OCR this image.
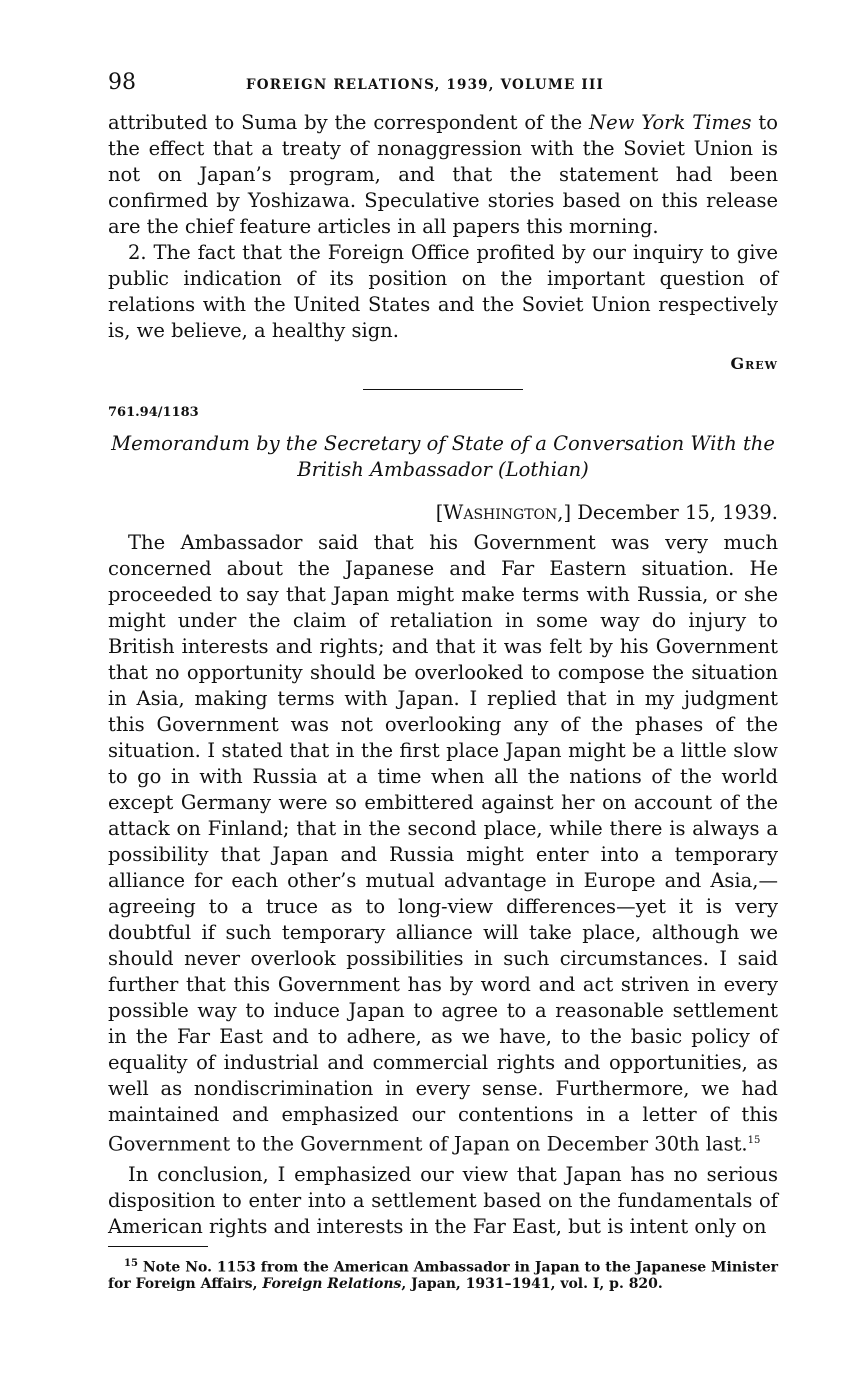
98	FOREIGN RELATIONS, 1939, VOLUME III

attributed to Suma by the correspondent of the New York Times to the effect that a treaty of nonaggression with the Soviet Union is not on Japan’s program, and that the statement had been confirmed by Yoshizawa. Speculative stories based on this release are the chief feature articles in all papers this morning.

2. The fact that the Foreign Office profited by our inquiry to give public indication of its position on the important question of relations with the United States and the Soviet Union respectively is, we believe, a healthy sign.

Grew
761.94/1183
Memorandum by the Secretary of State of a Conversation With the
British Ambassador (Lothian)
[Washington,] December 15, 1939.

The Ambassador said that his Government was very much concerned about the Japanese and Far Eastern situation. He proceeded to say that Japan might make terms with Russia, or she might under the claim of retaliation in some way do injury to British interests and rights; and that it was felt by his Government that no opportunity should be overlooked to compose the situation in Asia, making terms with Japan. I replied that in my judgment this Government was not overlooking any of the phases of the situation. I stated that in the first place Japan might be a little slow to go in with Russia at a time when all the nations of the world except Germany were so embittered against her on account of the attack on Finland; that in the second place, while there is always a possibility that Japan and Russia might enter into a temporary alliance for each other’s mutual advantage in Europe and Asia,—agreeing to a truce as to long-view differences—yet it is very doubtful if such temporary alliance will take place, although we should never overlook possibilities in such circumstances. I said further that this Government has by word and act striven in every possible way to induce Japan to agree to a reasonable settlement in the Far East and to adhere, as we have, to the basic policy of equality of industrial and commercial rights and opportunities, as well as nondiscrimination in every sense. Furthermore, we had maintained and emphasized our contentions in a letter of this Government to the Government of Japan on December 30th last.$^{15}$

In conclusion, I emphasized our view that Japan has no serious disposition to enter into a settlement based on the fundamentals of American rights and interests in the Far East, but is intent only on

$^{15}$ Note No. 1153 from the American Ambassador in Japan to the Japanese Minister for Foreign Affairs, Foreign Relations, Japan, 1931–1941, vol. I, p. 820.
